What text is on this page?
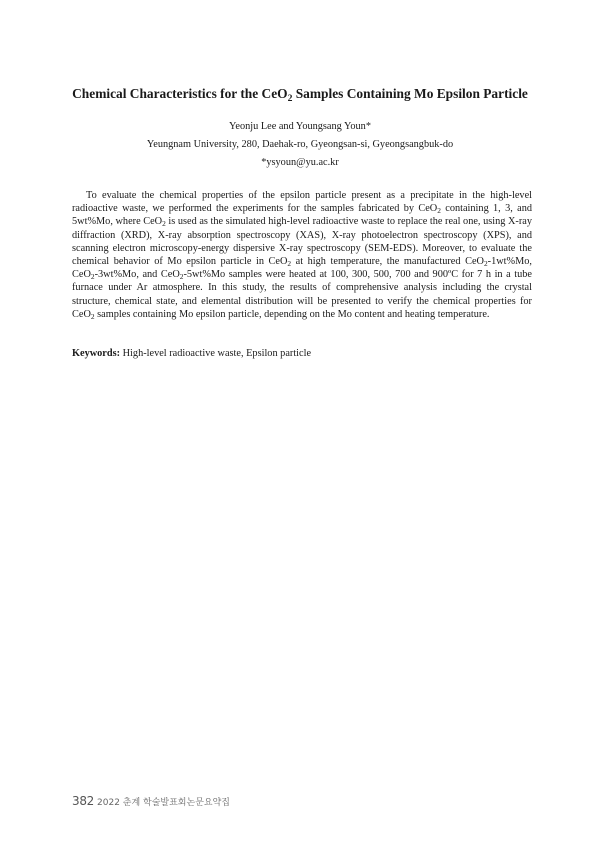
Chemical Characteristics for the CeO$_2$ Samples Containing Mo Epsilon Particle
Yeonju Lee and Youngsang Youn*
Yeungnam University, 280, Daehak-ro, Gyeongsan-si, Gyeongsangbuk-do
*ysyoun@yu.ac.kr

To evaluate the chemical properties of the epsilon particle present as a precipitate in the high-level radioactive waste, we performed the experiments for the samples fabricated by CeO$_2$ containing 1, 3, and 5wt%Mo, where CeO$_2$ is used as the simulated high-level radioactive waste to replace the real one, using X-ray diffraction (XRD), X-ray absorption spectroscopy (XAS), X-ray photoelectron spectroscopy (XPS), and scanning electron microscopy-energy dispersive X-ray spectroscopy (SEM-EDS). Moreover, to evaluate the chemical behavior of Mo epsilon particle in CeO$_2$ at high temperature, the manufactured CeO$_2$-1wt%Mo, CeO$_2$-3wt%Mo, and CeO$_2$-5wt%Mo samples were heated at 100, 300, 500, 700 and 900ºC for 7 h in a tube furnace under Ar atmosphere. In this study, the results of comprehensive analysis including the crystal structure, chemical state, and elemental distribution will be presented to verify the chemical properties for CeO$_2$ samples containing Mo epsilon particle, depending on the Mo content and heating temperature.

Keywords: High-level radioactive waste, Epsilon particle
382 2022 춘계 학술발표회논문요약집
